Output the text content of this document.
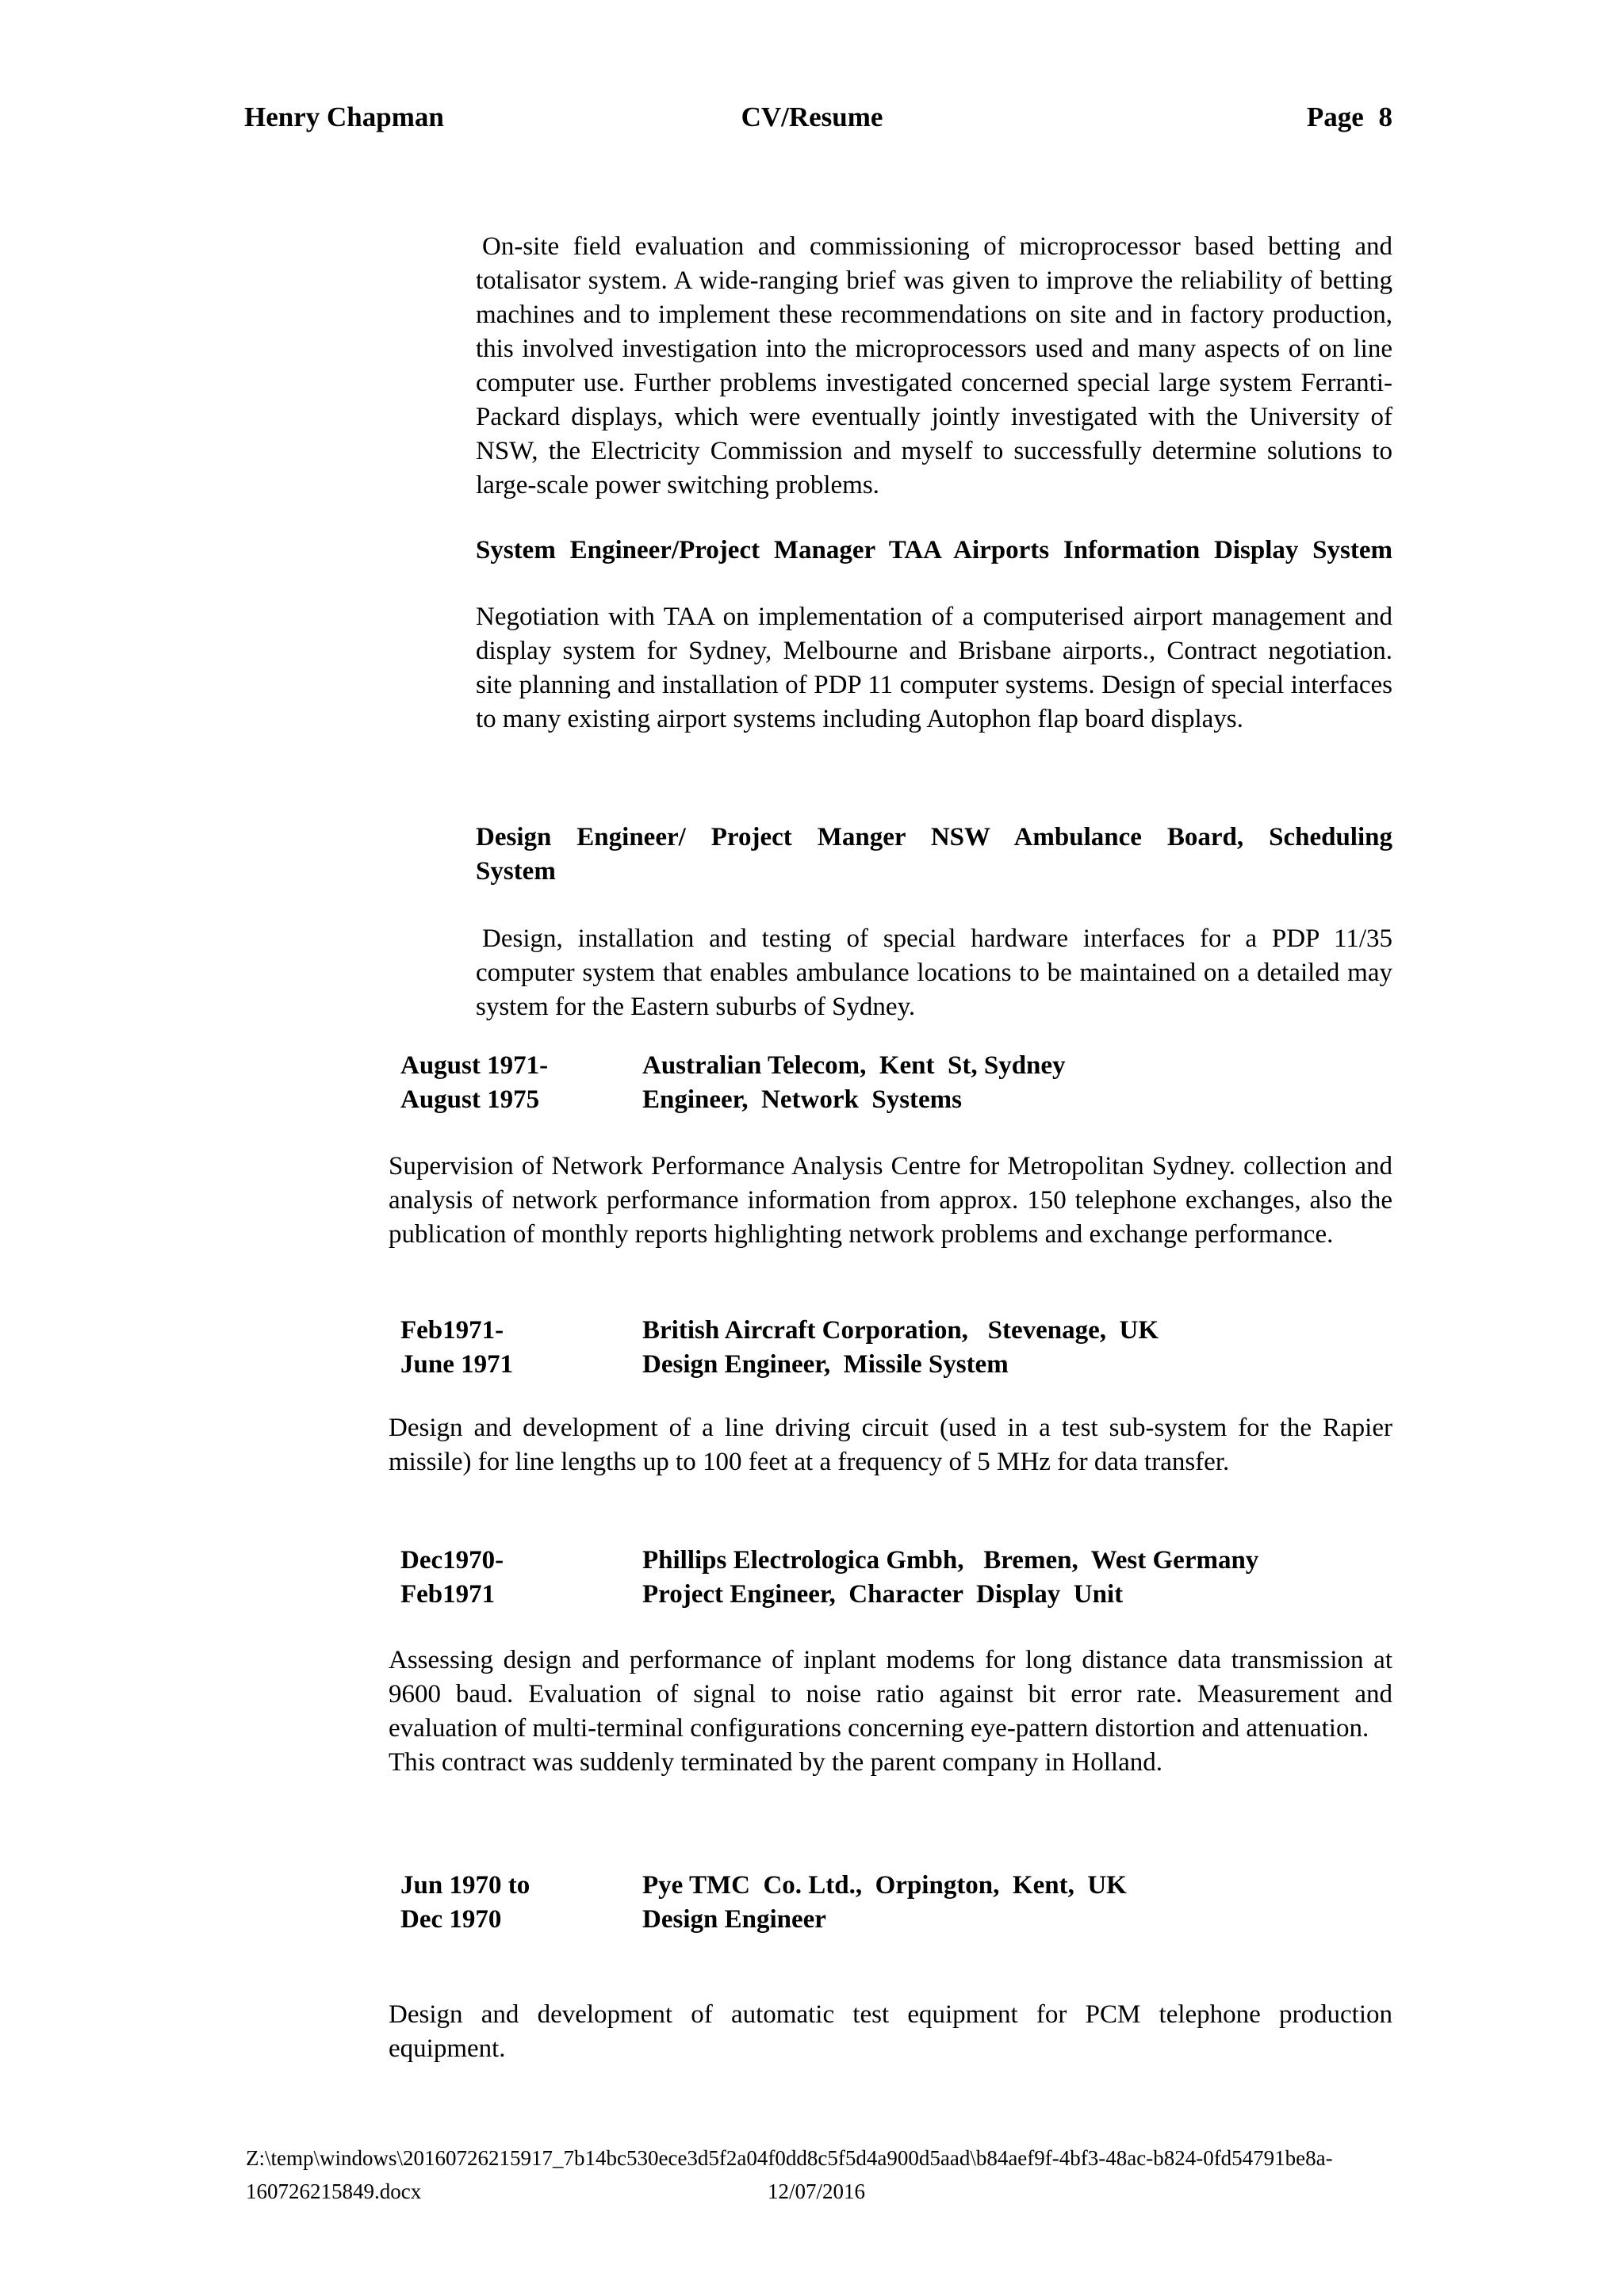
Henry Chapman	CV/Resume	Page 8
On-site field evaluation and commissioning of microprocessor based betting and totalisator system. A wide-ranging brief was given to improve the reliability of betting machines and to implement these recommendations on site and in factory production, this involved investigation into the microprocessors used and many aspects of on line computer use. Further problems investigated concerned special large system Ferranti-Packard displays, which were eventually jointly investigated with the University of NSW, the Electricity Commission and myself to successfully determine solutions to large-scale power switching problems.
System Engineer/Project Manager TAA Airports Information Display System
Negotiation with TAA on implementation of a computerised airport management and display system for Sydney, Melbourne and Brisbane airports., Contract negotiation. site planning and installation of PDP 11 computer systems. Design of special interfaces to many existing airport systems including Autophon flap board displays.
Design Engineer/ Project Manger NSW Ambulance Board, Scheduling
System
Design, installation and testing of special hardware interfaces for a PDP 11/35 computer system that enables ambulance locations to be maintained on a detailed may system for the Eastern suburbs of Sydney.
August 1971-	Australian Telecom,  Kent  St, Sydney
August 1975	Engineer,  Network  Systems
Supervision of Network Performance Analysis Centre for Metropolitan Sydney. collection and analysis of network performance information from approx. 150 telephone exchanges, also the publication of monthly reports highlighting network problems and exchange performance.
Feb1971-	British Aircraft Corporation,   Stevenage,  UK
June 1971	Design Engineer,  Missile System
Design and development of a line driving circuit (used in a test sub-system for the Rapier missile) for line lengths up to 100 feet at a frequency of 5 MHz for data transfer.
Dec1970-	Phillips Electrologica Gmbh,   Bremen,  West Germany
Feb1971	Project Engineer,  Character  Display  Unit
Assessing design and performance of inplant modems for long distance data transmission at 9600 baud. Evaluation of signal to noise ratio against bit error rate. Measurement and evaluation of multi-terminal configurations concerning eye-pattern distortion and attenuation.
This contract was suddenly terminated by the parent company in Holland.
Jun 1970 to	Pye TMC  Co. Ltd.,  Orpington,  Kent,  UK
Dec 1970	Design Engineer
Design and development of automatic test equipment for PCM telephone production equipment.
Z:\temp\windows\20160726215917_7b14bc530ece3d5f2a04f0dd8c5f5d4a900d5aad\b84aef9f-4bf3-48ac-b824-0fd54791be8a-
160726215849.docx	12/07/2016
